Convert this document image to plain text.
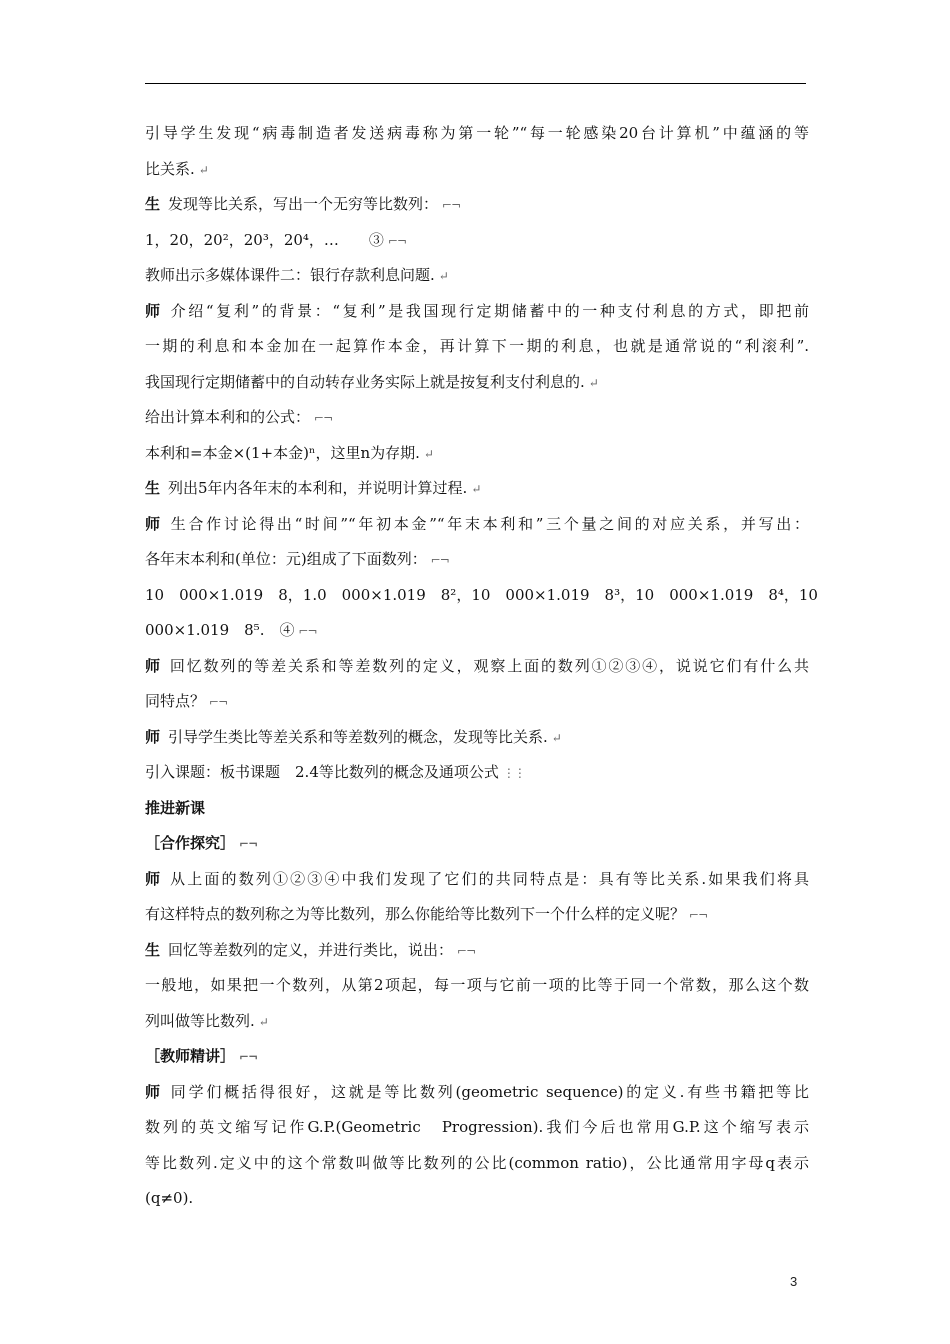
引导学生发现“病毒制造者发送病毒称为第一轮”“每一轮感染20台计算机”中蕴涵的等
比关系. ↵
生 发现等比关系，写出一个无穷等比数列： ⌐¬
1，20，20²，20³，20⁴，…　　③ ⌐¬
教师出示多媒体课件二：银行存款利息问题. ↵
师 介绍“复利”的背景：“复利”是我国现行定期储蓄中的一种支付利息的方式，即把前
一期的利息和本金加在一起算作本金，再计算下一期的利息，也就是通常说的“利滚利”.
我国现行定期储蓄中的自动转存业务实际上就是按复利支付利息的. ↵
给出计算本利和的公式： ⌐¬
本利和=本金×(1+本金)ⁿ，这里n为存期. ↵
生 列出5年内各年末的本利和，并说明计算过程. ↵
师 生合作讨论得出“时间”“年初本金”“年末本利和”三个量之间的对应关系，并写出：
各年末本利和(单位：元)组成了下面数列： ⌐¬
10　000×1.019　8，1.0　000×1.019　8²，10　000×1.019　8³，10　000×1.019　8⁴，10
000×1.019　8⁵.　④ ⌐¬
师 回忆数列的等差关系和等差数列的定义，观察上面的数列①②③④，说说它们有什么共
同特点？ ⌐¬
师 引导学生类比等差关系和等差数列的概念，发现等比关系. ↵
引入课题：板书课题　2.4等比数列的概念及通项公式 ⋮⋮
推进新课
［合作探究］ ⌐¬
师 从上面的数列①②③④中我们发现了它们的共同特点是：具有等比关系.如果我们将具
有这样特点的数列称之为等比数列，那么你能给等比数列下一个什么样的定义呢？ ⌐¬
生 回忆等差数列的定义，并进行类比，说出： ⌐¬
一般地，如果把一个数列，从第2项起，每一项与它前一项的比等于同一个常数，那么这个数
列叫做等比数列. ↵
［教师精讲］ ⌐¬
师 同学们概括得很好，这就是等比数列(geometric sequence)的定义.有些书籍把等比
数列的英文缩写记作G.P.(Geometric　Progression).我们今后也常用G.P.这个缩写表示
等比数列.定义中的这个常数叫做等比数列的公比(common ratio)，公比通常用字母q表示
(q≠0).
3
